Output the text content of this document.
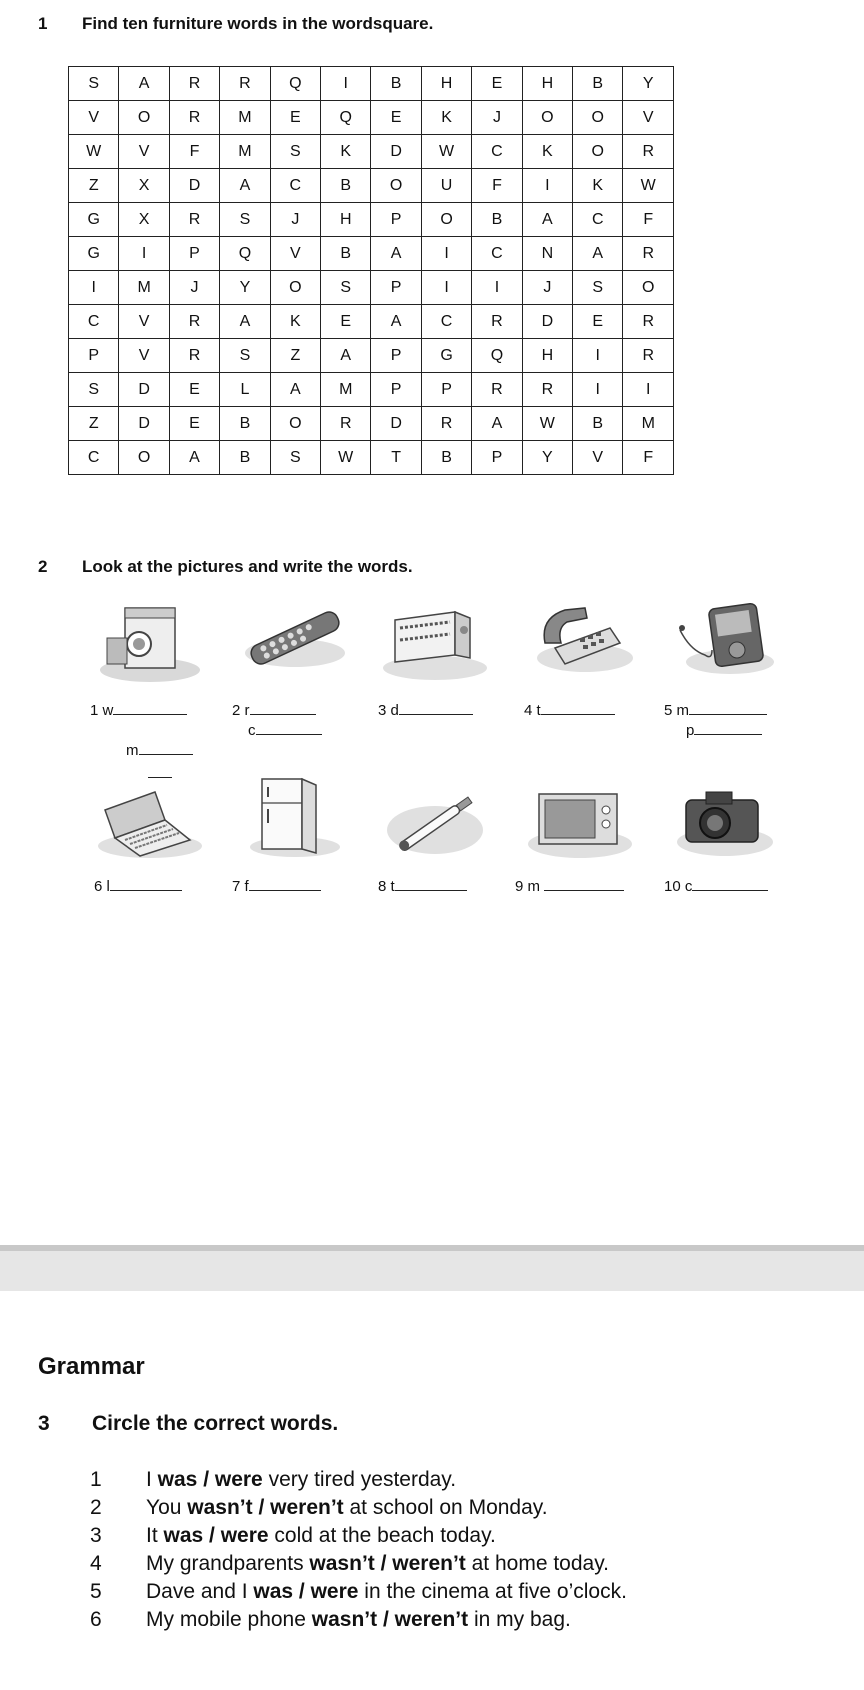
1 Find ten furniture words in the wordsquare.
S	A	R	R	Q	I	B	H	E	H	B	Y
V	O	R	M	E	Q	E	K	J	O	O	V
W	V	F	M	S	K	D	W	C	K	O	R
Z	X	D	A	C	B	O	U	F	I	K	W
G	X	R	S	J	H	P	O	B	A	C	F
G	I	P	Q	V	B	A	I	C	N	A	R
I	M	J	Y	O	S	P	I	I	J	S	O
C	V	R	A	K	E	A	C	R	D	E	R
P	V	R	S	Z	A	P	G	Q	H	I	R
S	D	E	L	A	M	P	P	R	R	I	I
Z	D	E	B	O	R	D	R	A	W	B	M
C	O	A	B	S	W	T	B	P	Y	V	F
2 Look at the pictures and write the words.
1 w
m
2 r
c
3 d	4 t	5 m
p
6 l	7 f	8 t	9 m	10 c
Grammar
3 Circle the correct words.
1 I was / were very tired yesterday.
2 You wasn’t / weren’t at school on Monday.
3 It was / were cold at the beach today.
4 My grandparents wasn’t / weren’t at home today.
5 Dave and I was / were in the cinema at five o’clock.
6 My mobile phone wasn’t / weren’t in my bag.
